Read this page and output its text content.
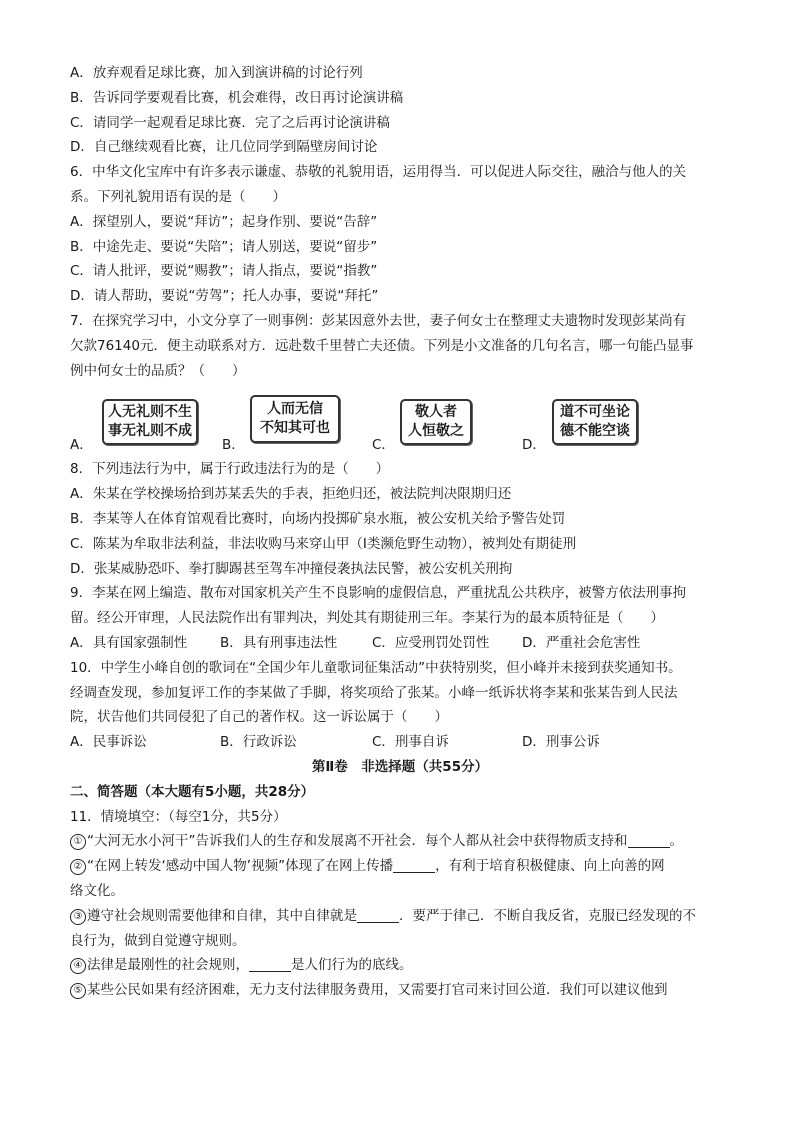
A．放弃观看足球比赛，加入到演讲稿的讨论行列
B．告诉同学要观看比赛，机会难得，改日再讨论演讲稿
C．请同学一起观看足球比赛．完了之后再讨论演讲稿
D．自己继续观看比赛，让几位同学到隔壁房间讨论
6．中华文化宝库中有许多表示谦虚、恭敬的礼貌用语，运用得当．可以促进人际交往，融洽与他人的关
系。下列礼貌用语有误的是（　　）
A．探望别人，要说“拜访”；起身作别、要说“告辞”
B．中途先走、要说“失陪”；请人别送，要说“留步”
C．请人批评，要说“赐教”；请人指点，要说“指教”
D．请人帮助，要说“劳驾”；托人办事，要说“拜托”
7．在探究学习中，小文分享了一则事例：彭某因意外去世，妻子何女士在整理丈夫遗物时发现彭某尚有
欠款76140元．便主动联系对方．远赴数千里替亡夫还债。下列是小文准备的几句名言，哪一句能凸显事
例中何女士的品质？（　　）
A．
人无礼则不生
事无礼则不成
B．
人而无信
不知其可也
C．
敬人者
人恒敬之
D．
道不可坐论
德不能空谈
8．下列违法行为中，属于行政违法行为的是（　　）
A．朱某在学校操场拾到苏某丢失的手表，拒绝归还，被法院判决限期归还
B．李某等人在体育馆观看比赛时，向场内投掷矿泉水瓶，被公安机关给予警告处罚
C．陈某为牟取非法利益，非法收购马来穿山甲（Ⅰ类濒危野生动物），被判处有期徒刑
D．张某威胁恐吓、拳打脚踢甚至驾车冲撞侵袭执法民警，被公安机关刑拘
9．李某在网上编造、散布对国家机关产生不良影响的虚假信息，严重扰乱公共秩序，被警方依法刑事拘
留。经公开审理，人民法院作出有罪判决，判处其有期徒刑三年。李某行为的最本质特征是（　　）
A．具有国家强制性 B．具有刑事违法性	C．应受刑罚处罚性 D．严重社会危害性
10．中学生小峰自创的歌词在“全国少年儿童歌词征集活动”中获特别奖，但小峰并未接到获奖通知书。
经调查发现，参加复评工作的李某做了手脚，将奖项给了张某。小峰一纸诉状将李某和张某告到人民法
院，状告他们共同侵犯了自己的著作权。这一诉讼属于（　　）
A．民事诉讼	B．行政诉讼	C．刑事自诉	D．刑事公诉
第Ⅱ卷　非选择题（共55分）
二、简答题（本大题有5小题，共28分）
11．情境填空：（每空1分，共5分）
① “大河无水小河干”告诉我们人的生存和发展离不开社会．每个人都从社会中获得物质支持和	。
② “在网上转发‘感动中国人物’视频”体现了在网上传播	，有利于培育积极健康、向上向善的网
络文化。
③ 遵守社会规则需要他律和自律，其中自律就是	．要严于律己．不断自我反省，克服已经发现的不
良行为，做到自觉遵守规则。
④ 法律是最刚性的社会规则，	是人们行为的底线。
⑤ 某些公民如果有经济困难，无力支付法律服务费用，又需要打官司来讨回公道．我们可以建议他到
